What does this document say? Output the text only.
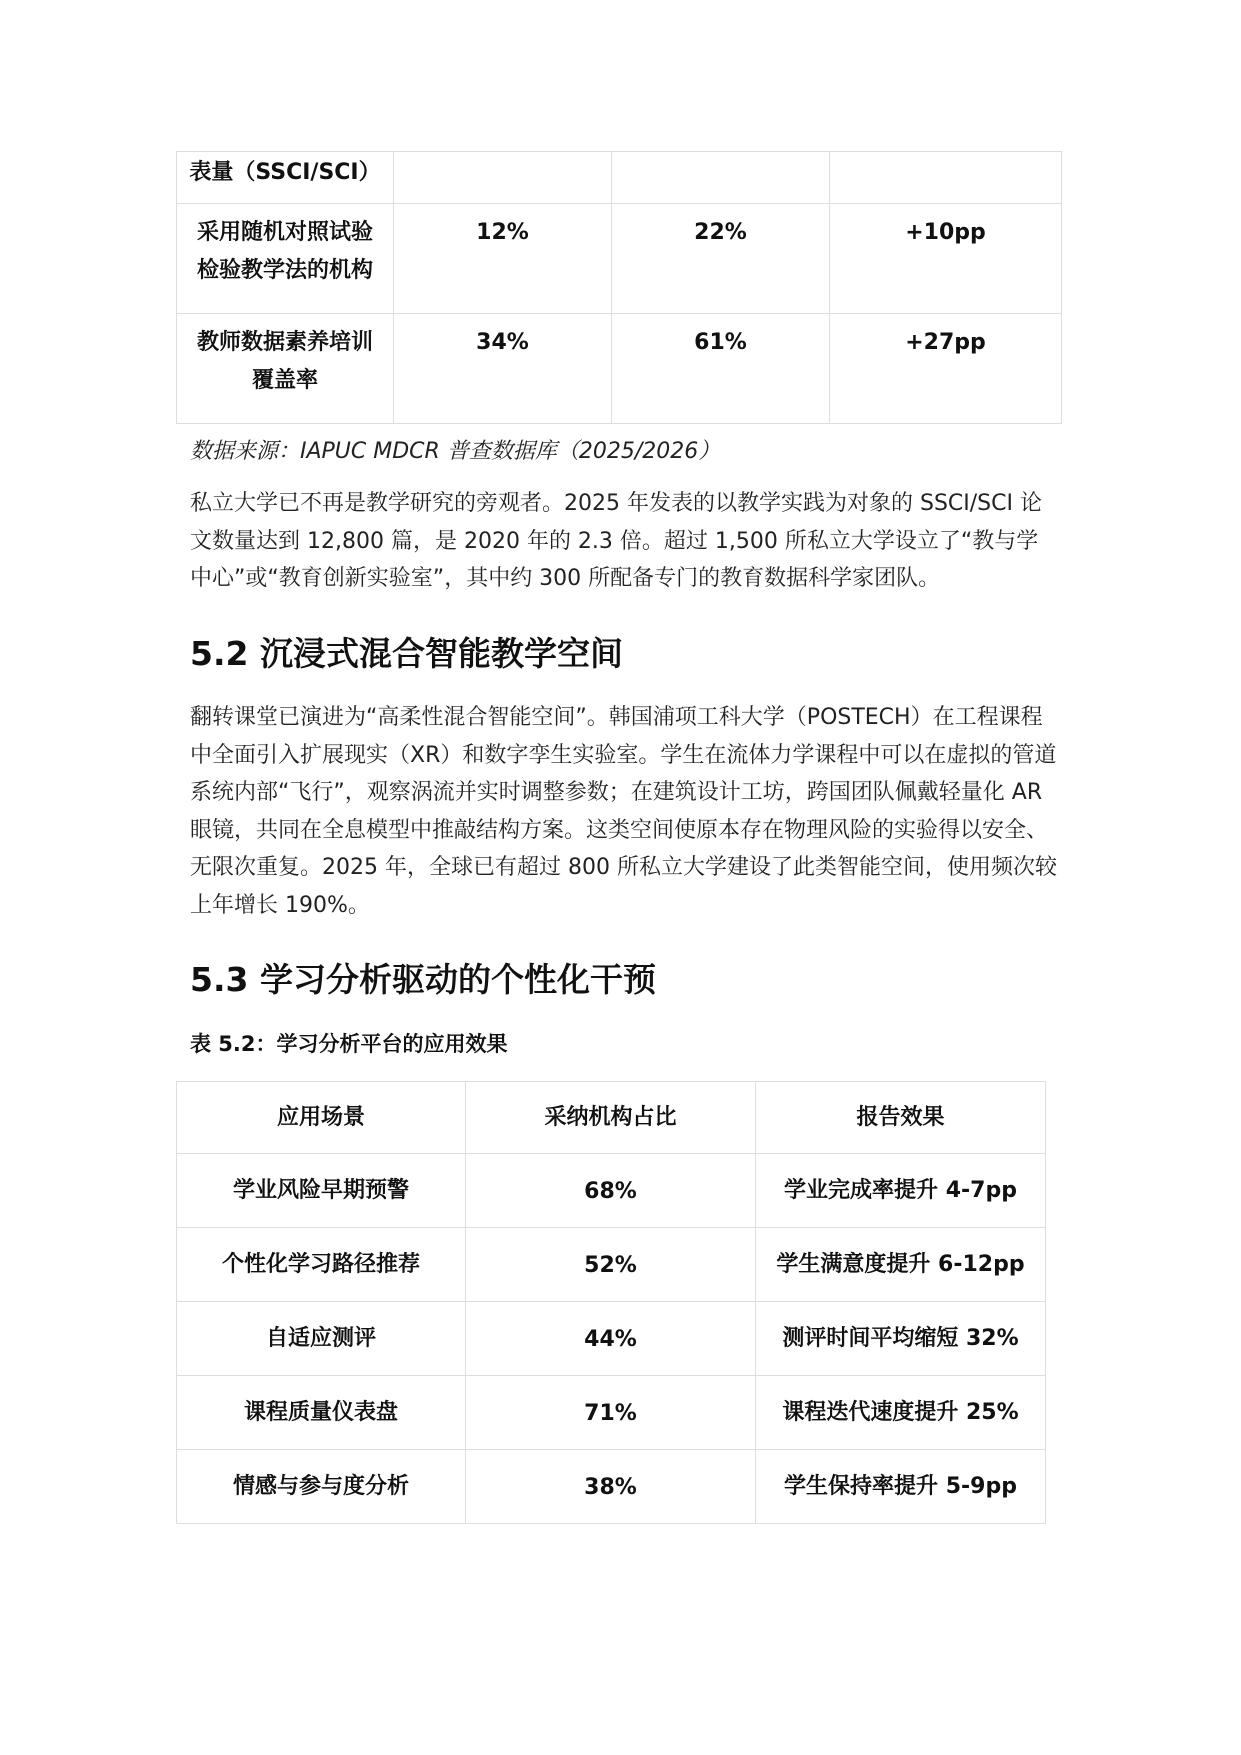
表量（SSCI/SCI）			
采用随机对照试验检验教学法的机构	12%	22%	+10pp
教师数据素养培训覆盖率	34%	61%	+27pp
数据来源：IAPUC MDCR 普查数据库（2025/2026）

私立大学已不再是教学研究的旁观者。2025 年发表的以教学实践为对象的 SSCI/SCI 论文数量达到 12,800 篇，是 2020 年的 2.3 倍。超过 1,500 所私立大学设立了“教与学中心”或“教育创新实验室”，其中约 300 所配备专门的教育数据科学家团队。

5.2 沉浸式混合智能教学空间

翻转课堂已演进为“高柔性混合智能空间”。韩国浦项工科大学（POSTECH）在工程课程中全面引入扩展现实（XR）和数字孪生实验室。学生在流体力学课程中可以在虚拟的管道系统内部“飞行”，观察涡流并实时调整参数；在建筑设计工坊，跨国团队佩戴轻量化 AR 眼镜，共同在全息模型中推敲结构方案。这类空间使原本存在物理风险的实验得以安全、无限次重复。2025 年，全球已有超过 800 所私立大学建设了此类智能空间，使用频次较上年增长 190%。

5.3 学习分析驱动的个性化干预
表 5.2：学习分析平台的应用效果
应用场景	采纳机构占比	报告效果
学业风险早期预警	68%	学业完成率提升 4-7pp
个性化学习路径推荐	52%	学生满意度提升 6-12pp
自适应测评	44%	测评时间平均缩短 32%
课程质量仪表盘	71%	课程迭代速度提升 25%
情感与参与度分析	38%	学生保持率提升 5-9pp
